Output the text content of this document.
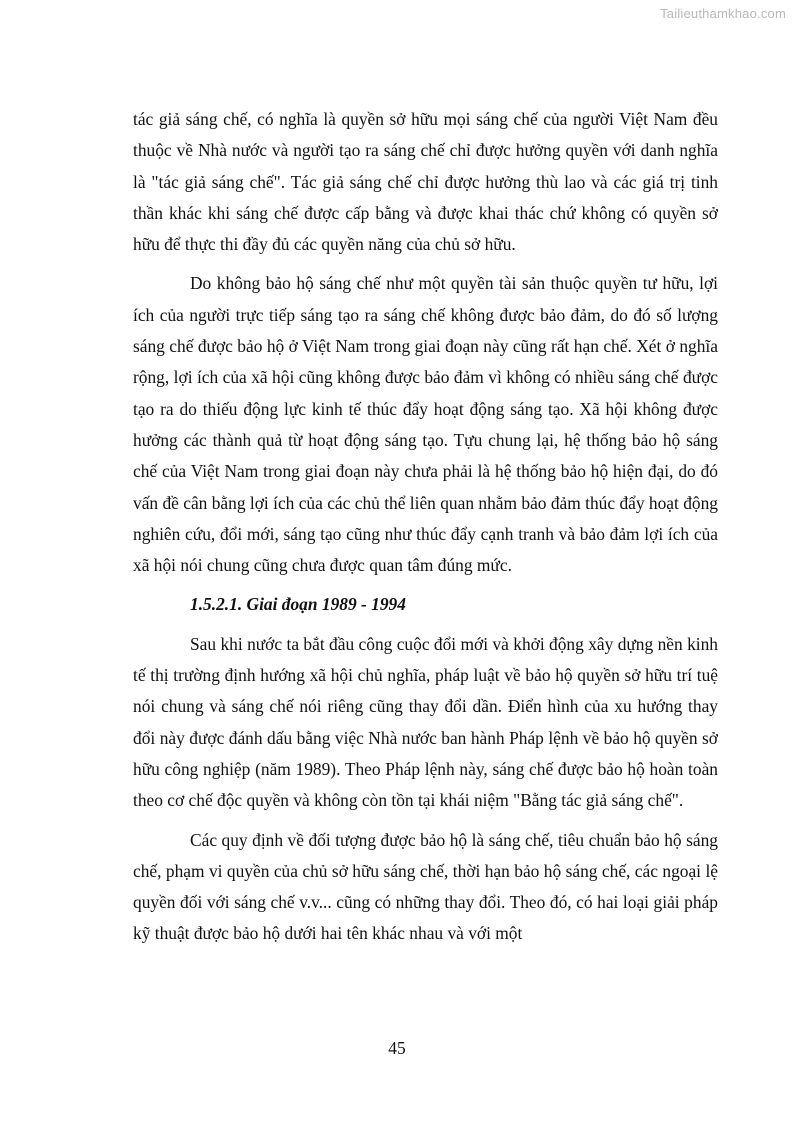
Tailieuthamkhao.com

tác giả sáng chế, có nghĩa là quyền sở hữu mọi sáng chế của người Việt Nam đều thuộc về Nhà nước và người tạo ra sáng chế chỉ được hưởng quyền với danh nghĩa là "tác giả sáng chế". Tác giả sáng chế chỉ được hưởng thù lao và các giá trị tinh thần khác khi sáng chế được cấp bằng và được khai thác chứ không có quyền sở hữu để thực thi đầy đủ các quyền năng của chủ sở hữu.

Do không bảo hộ sáng chế như một quyền tài sản thuộc quyền tư hữu, lợi ích của người trực tiếp sáng tạo ra sáng chế không được bảo đảm, do đó số lượng sáng chế được bảo hộ ở Việt Nam trong giai đoạn này cũng rất hạn chế. Xét ở nghĩa rộng, lợi ích của xã hội cũng không được bảo đảm vì không có nhiều sáng chế được tạo ra do thiếu động lực kinh tế thúc đẩy hoạt động sáng tạo. Xã hội không được hưởng các thành quả từ hoạt động sáng tạo. Tựu chung lại, hệ thống bảo hộ sáng chế của Việt Nam trong giai đoạn này chưa phải là hệ thống bảo hộ hiện đại, do đó vấn đề cân bằng lợi ích của các chủ thể liên quan nhằm bảo đảm thúc đẩy hoạt động nghiên cứu, đổi mới, sáng tạo cũng như thúc đẩy cạnh tranh và bảo đảm lợi ích của xã hội nói chung cũng chưa được quan tâm đúng mức.

1.5.2.1. Giai đoạn 1989 - 1994

Sau khi nước ta bắt đầu công cuộc đổi mới và khởi động xây dựng nền kinh tế thị trường định hướng xã hội chủ nghĩa, pháp luật về bảo hộ quyền sở hữu trí tuệ nói chung và sáng chế nói riêng cũng thay đổi dần. Điển hình của xu hướng thay đổi này được đánh dấu bằng việc Nhà nước ban hành Pháp lệnh về bảo hộ quyền sở hữu công nghiệp (năm 1989). Theo Pháp lệnh này, sáng chế được bảo hộ hoàn toàn theo cơ chế độc quyền và không còn tồn tại khái niệm "Bằng tác giả sáng chế".

Các quy định về đối tượng được bảo hộ là sáng chế, tiêu chuẩn bảo hộ sáng chế, phạm vi quyền của chủ sở hữu sáng chế, thời hạn bảo hộ sáng chế, các ngoại lệ quyền đối với sáng chế v.v... cũng có những thay đổi. Theo đó, có hai loại giải pháp kỹ thuật được bảo hộ dưới hai tên khác nhau và với một

45
